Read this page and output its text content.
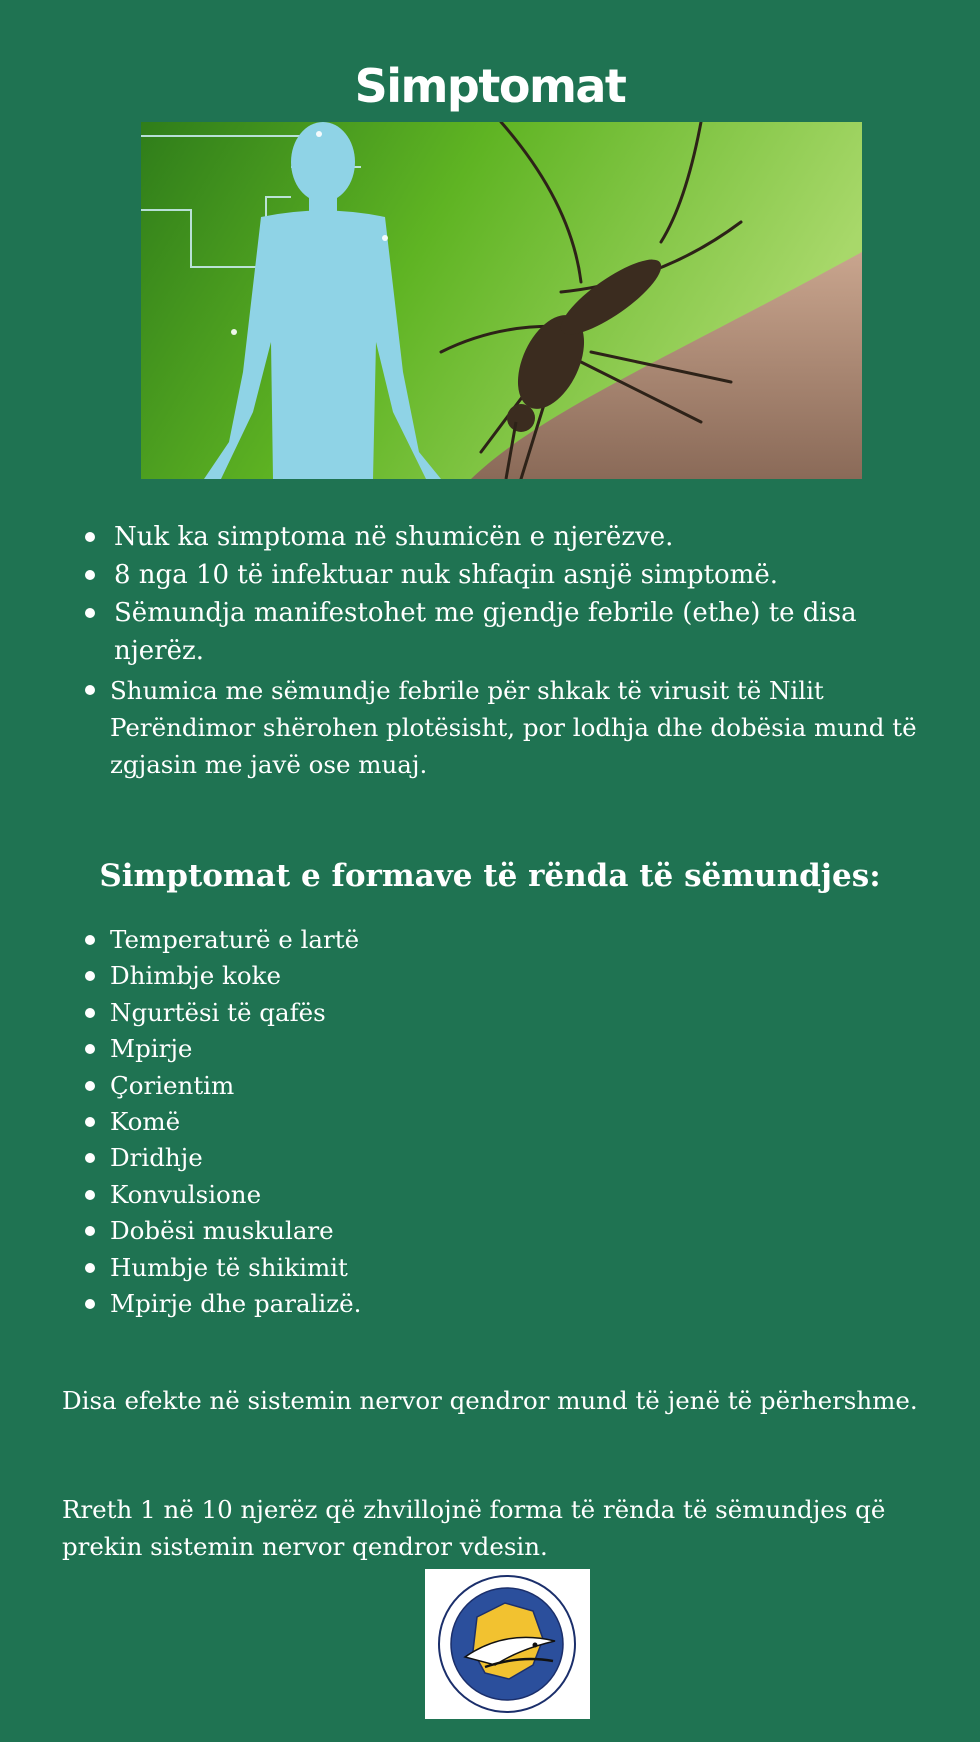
Simptomat
Nuk ka simptoma në shumicën e njerëzve.
8 nga 10 të infektuar nuk shfaqin asnjë simptomë.
Sëmundja manifestohet me gjendje febrile (ethe) te disa njerëz.
Shumica me sëmundje febrile për shkak të virusit të Nilit Perëndimor shërohen plotësisht, por lodhja dhe dobësia mund të zgjasin me javë ose muaj.
Simptomat e formave të rënda të sëmundjes:
Temperaturë e lartë
Dhimbje koke
Ngurtësi të qafës
Mpirje
Çorientim
Komë
Dridhje
Konvulsione
Dobësi muskulare
Humbje të shikimit
Mpirje dhe paralizë.

Disa efekte në sistemin nervor qendror mund të jenë të përhershme.

Rreth 1 në 10 njerëz që zhvillojnë forma të rënda të sëmundjes që prekin sistemin nervor qendror vdesin.
